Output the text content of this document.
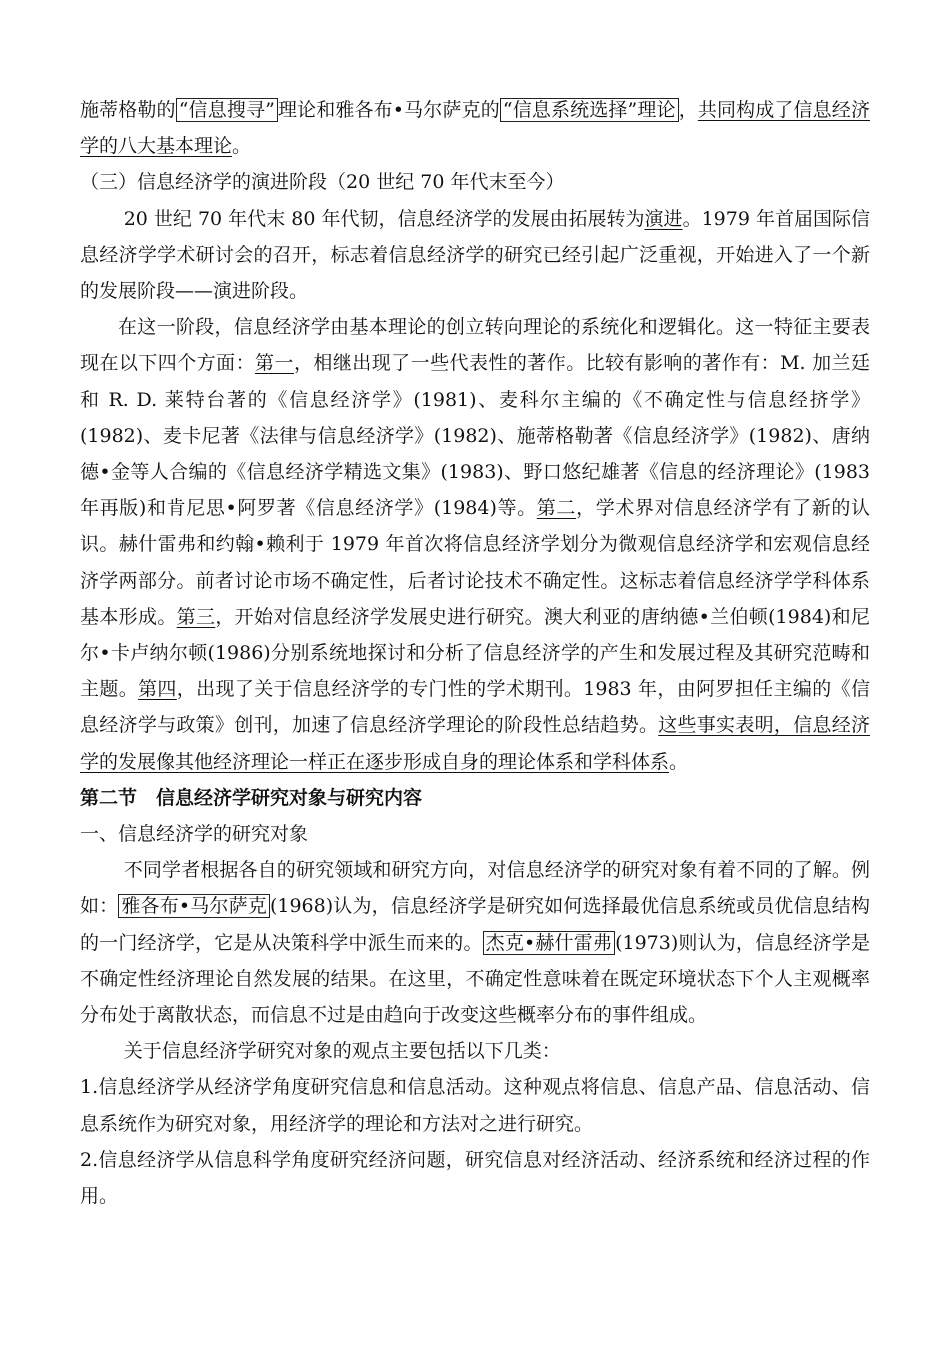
施蒂格勒的 “信息搜寻” 理论和雅各布•马尔萨克的 “信息系统选择”理论 ，共同构成了信息经济学的八大基本理论。

（三）信息经济学的演进阶段（20 世纪 70 年代末至今）

20 世纪 70 年代末 80 年代韧，信息经济学的发展由拓展转为演进。1979 年首届国际信息经济学学术研讨会的召开，标志着信息经济学的研究已经引起广泛重视，开始进入了一个新的发展阶段——演进阶段。

在这一阶段，信息经济学由基本理论的创立转向理论的系统化和逻辑化。这一特征主要表现在以下四个方面：第一，相继出现了一些代表性的著作。比较有影响的著作有：M. 加兰廷和 R. D. 莱特台著的《信息经济学》(1981)、麦科尔主编的《不确定性与信息经挤学》(1982)、麦卡尼著《法律与信息经济学》(1982)、施蒂格勒著《信息经济学》(1982)、唐纳德•金等人合编的《信息经济学精选文集》(1983)、野口悠纪雄著《信息的经济理论》(1983 年再版)和肯尼思•阿罗著《信息经济学》(1984)等。第二，学术界对信息经济学有了新的认识。赫什雷弗和约翰•赖利于 1979 年首次将信息经济学划分为微观信息经济学和宏观信息经济学两部分。前者讨论市场不确定性，后者讨论技术不确定性。这标志着信息经济学学科体系基本形成。第三，开始对信息经济学发展史进行研究。澳大利亚的唐纳德•兰伯顿(1984)和尼尔•卡卢纳尔顿(1986)分别系统地探讨和分析了信息经济学的产生和发展过程及其研究范畴和主题。第四，出现了关于信息经济学的专门性的学术期刊。1983 年，由阿罗担任主编的《信息经济学与政策》创刊，加速了信息经济学理论的阶段性总结趋势。这些事实表明，信息经济学的发展像其他经济理论一样正在逐步形成自身的理论体系和学科体系。

第二节　信息经济学研究对象与研究内容

一、信息经济学的研究对象

不同学者根据各自的研究领域和研究方向，对信息经济学的研究对象有着不同的了解。例如： 雅各布•马尔萨克 (1968)认为，信息经济学是研究如何选择最优信息系统或员优信息结构的一门经济学，它是从决策科学中派生而来的。 杰克•赫什雷弗 (1973)则认为，信息经济学是不确定性经济理论自然发展的结果。在这里，不确定性意味着在既定环境状态下个人主观概率分布处于离散状态，而信息不过是由趋向于改变这些概率分布的事件组成。

关于信息经济学研究对象的观点主要包括以下几类：

1.信息经济学从经济学角度研究信息和信息活动。这种观点将信息、信息产品、信息活动、信息系统作为研究对象，用经济学的理论和方法对之进行研究。

2.信息经济学从信息科学角度研究经济问题，研究信息对经济活动、经济系统和经济过程的作用。
